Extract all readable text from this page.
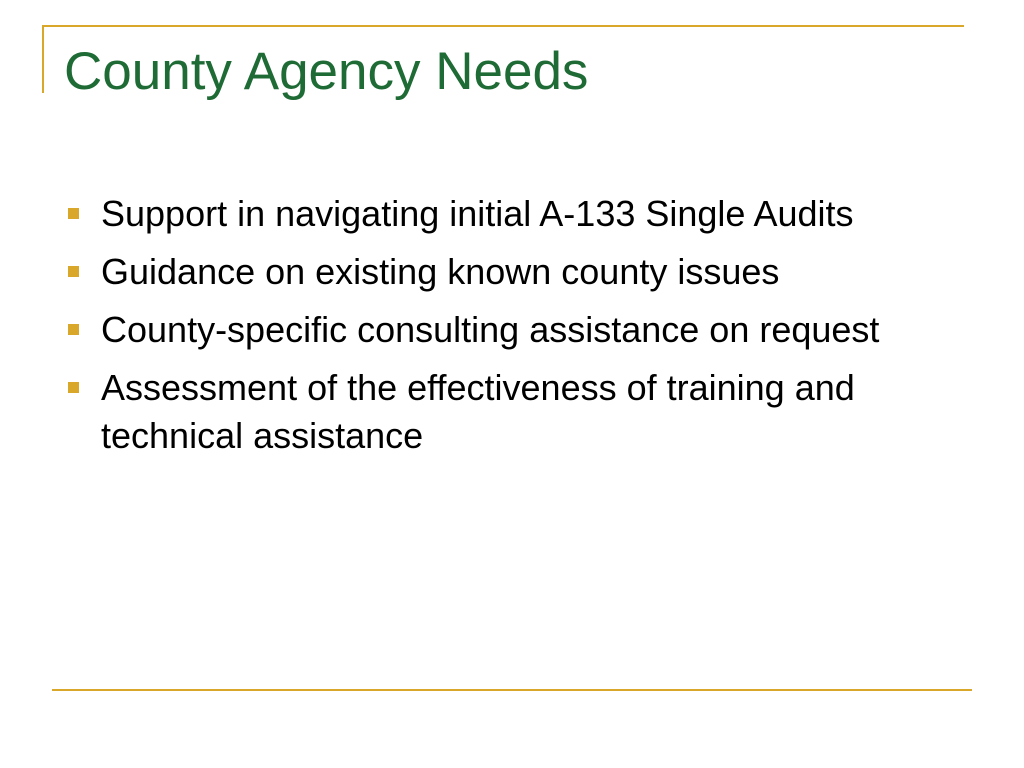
County Agency Needs
Support in navigating initial A-133 Single Audits
Guidance on existing known county issues
County-specific consulting assistance on request
Assessment of the effectiveness of training and technical assistance
